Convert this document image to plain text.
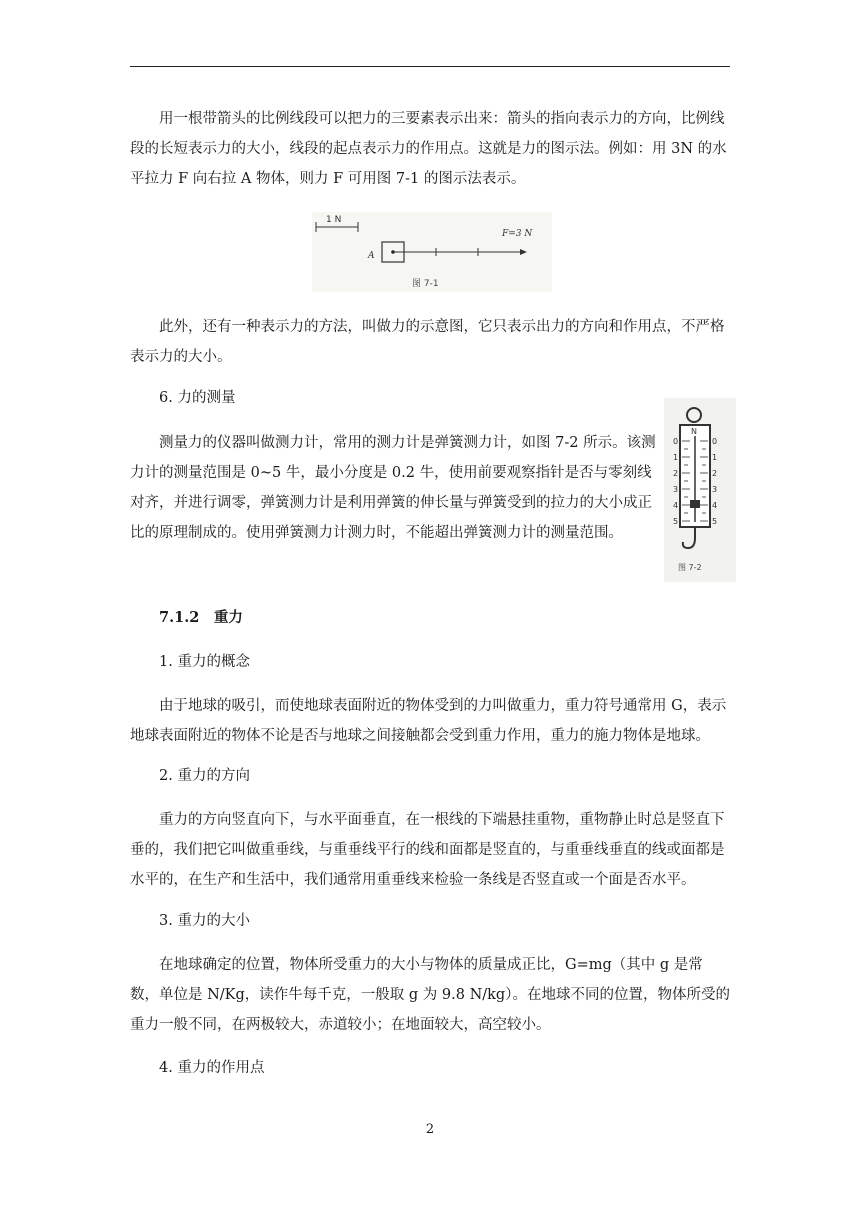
用一根带箭头的比例线段可以把力的三要素表示出来：箭头的指向表示力的方向，比例线段的长短表示力的大小，线段的起点表示力的作用点。这就是力的图示法。例如：用 3N 的水平拉力 F 向右拉 A 物体，则力 F 可用图 7-1 的图示法表示。

1 N
A
F=3 N
图 7-1

此外，还有一种表示力的方法，叫做力的示意图，它只表示出力的方向和作用点，不严格表示力的大小。

6. 力的测量

测量力的仪器叫做测力计，常用的测力计是弹簧测力计，如图 7-2 所示。该测力计的测量范围是 0~5 牛，最小分度是 0.2 牛，使用前要观察指针是否与零刻线对齐，并进行调零，弹簧测力计是利用弹簧的伸长量与弹簧受到的拉力的大小成正比的原理制成的。使用弹簧测力计测力时，不能超出弹簧测力计的测量范围。

N
0
1
2
3
4
5
0
1
2
3
4
5
图 7-2

7.1.2　重力

1. 重力的概念

由于地球的吸引，而使地球表面附近的物体受到的力叫做重力，重力符号通常用 G，表示地球表面附近的物体不论是否与地球之间接触都会受到重力作用，重力的施力物体是地球。

2. 重力的方向

重力的方向竖直向下，与水平面垂直，在一根线的下端悬挂重物，重物静止时总是竖直下垂的，我们把它叫做重垂线，与重垂线平行的线和面都是竖直的，与重垂线垂直的线或面都是水平的，在生产和生活中，我们通常用重垂线来检验一条线是否竖直或一个面是否水平。

3. 重力的大小

在地球确定的位置，物体所受重力的大小与物体的质量成正比，G=mg（其中 g 是常数，单位是 N/Kg，读作牛每千克，一般取 g 为 9.8 N/kg）。在地球不同的位置，物体所受的重力一般不同，在两极较大，赤道较小；在地面较大，高空较小。

4. 重力的作用点

2
